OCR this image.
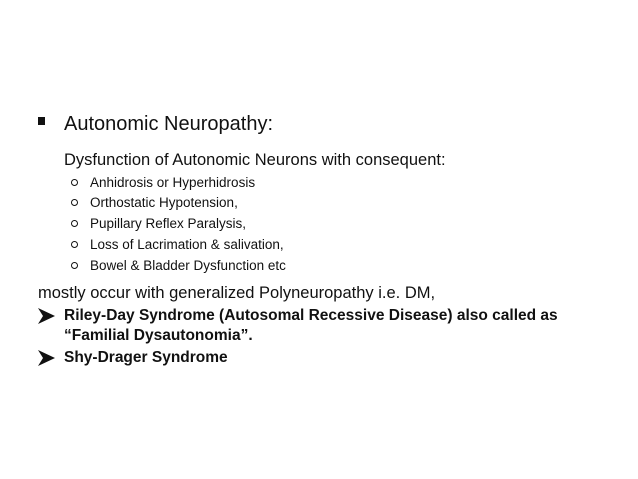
Autonomic Neuropathy:
Dysfunction of Autonomic Neurons with consequent:
Anhidrosis or Hyperhidrosis
Orthostatic Hypotension,
Pupillary Reflex Paralysis,
Loss of Lacrimation & salivation,
Bowel & Bladder Dysfunction etc
mostly occur with generalized Polyneuropathy i.e. DM,
Riley-Day Syndrome (Autosomal Recessive Disease) also called as
“Familial Dysautonomia”.
Shy-Drager Syndrome
